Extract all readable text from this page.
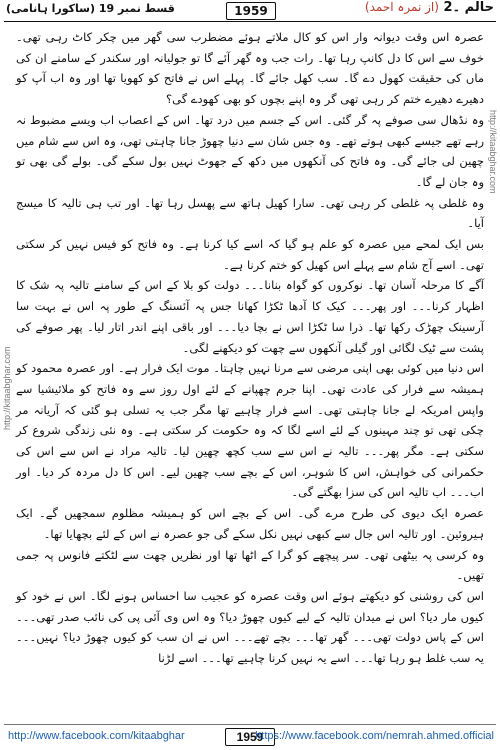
قسط نمبر 19 (ساکورا ہانامی)	1959	حالم ۔2 (از نمرہ احمد)
http://kitaabghar.com
http://kitaabghar.com

عصرہ اس وقت دیوانہ وار اس کو کال ملاتے ہوئے مضطرب سی گھر میں چکر کاٹ رہی تھی۔ خوف سے اس کا دل کانپ رہا تھا۔ رات جب وہ گھر آئے گا تو جولیانہ اور سکندر کے سامنے ان کی ماں کی حقیقت کھول دے گا۔ سب کھل جائے گا۔ پہلے اس نے فاتح کو کھویا تھا اور وہ اب آپ کو دھیرے دھیرے ختم کر رہی تھی گر وہ اپنے بچوں کو بھی کھودے گی؟

وہ نڈھال سی صوفے پہ گر گئی۔ اس کے جسم میں درد تھا۔ اس کے اعصاب اب ویسے مضبوط نہ رہے تھے جیسے کبھی ہوتے تھے۔ وہ جس شان سے دنیا چھوڑ جانا چاہتی تھی، وہ اس سے شام میں چھین لی جائے گی۔ وہ فاتح کی آنکھوں میں دکھ کے جھوٹ نہیں بول سکے گی۔ بولے گی بھی تو وہ جان لے گا۔

وہ غلطی پہ غلطی کر رہی تھی۔ سارا کھیل ہاتھ سے پھسل رہا تھا۔ اور تب ہی تالیہ کا میسج آیا۔

بس ایک لمحے میں عصرہ کو علم ہو گیا کہ اسے کیا کرنا ہے۔ وہ فاتح کو فیس نہیں کر سکتی تھی۔ اسے آج شام سے پہلے اس کھیل کو ختم کرنا ہے۔

آگے کا مرحلہ آسان تھا۔ نوکروں کو گواہ بنانا۔۔۔ دولت کو بلا کے اس کے سامنے تالیہ پہ شک کا اظہار کرنا۔۔۔ اور پھر۔۔۔ کیک کا آدھا ٹکڑا کھانا جس پہ آئسنگ کے طور پہ اس نے بہت سا آرسینک چھڑک رکھا تھا۔ ذرا سا ٹکڑا اس نے بچا دیا۔۔۔ اور باقی اپنے اندر اتار لیا۔ پھر صوفے کی پشت سے ٹیک لگائی اور گیلی آنکھوں سے چھت کو دیکھنے لگی۔

اس دنیا میں کوئی بھی اپنی مرضی سے مرنا نہیں چاہتا۔ موت ایک فرار ہے۔ اور عصرہ محمود کو ہمیشہ سے فرار کی عادت تھی۔ اپنا جرم چھپانے کے لئے اول روز سے وہ فاتح کو ملائیشیا سے واپس امریکہ لے جانا چاہتی تھی۔ اسے فرار چاہیے تھا مگر جب یہ تسلی ہو گئی کہ آریانہ مر چکی تھی تو چند مہینوں کے لئے اسے لگا کہ وہ حکومت کر سکتی ہے۔ وہ نئی زندگی شروع کر سکتی ہے۔ مگر پھر۔۔۔ تالیہ نے اس سے سب کچھ چھین لیا۔ تالیہ مراد نے اس سے اس کی حکمرانی کی خواہش، اس کا شوہر، اس کے بچے سب چھین لیے۔ اس کا دل مردہ کر دیا۔ اور اب۔۔۔ اب تالیہ اس کی سزا بھگتے گی۔

عصرہ ایک دیوی کی طرح مرے گی۔ اس کے بچے اس کو ہمیشہ مظلوم سمجھیں گے۔ ایک ہیروئین۔ اور تالیہ اس جال سے کبھی نہیں نکل سکے گی جو عصرہ نے اس کے لئے بچھایا تھا۔

وہ کرسی پہ بیٹھی تھی۔ سر پیچھے کو گرا کے اٹھا تھا اور نظریں چھت سے لٹکتے فانوس پہ جمی تھیں۔

اس کی روشنی کو دیکھتے ہوئے اس وقت عصرہ کو عجیب سا احساس ہونے لگا۔ اس نے خود کو کیوں مار دیا؟ اس نے میدان تالیہ کے لیے کیوں چھوڑ دیا؟ وہ اس وی آئی پی کی نائب صدر تھی۔۔۔ اس کے پاس دولت تھی۔۔۔ گھر تھا۔۔۔ بچے تھے۔۔۔ اس نے ان سب کو کیوں چھوڑ دیا؟ نہیں۔۔۔ یہ سب غلط ہو رہا تھا۔۔۔ اسے یہ نہیں کرنا چاہیے تھا۔۔۔ اسے لڑنا

http://www.facebook.com/kitaabghar	1959
https://www.facebook.com/nemrah.ahmed.official
